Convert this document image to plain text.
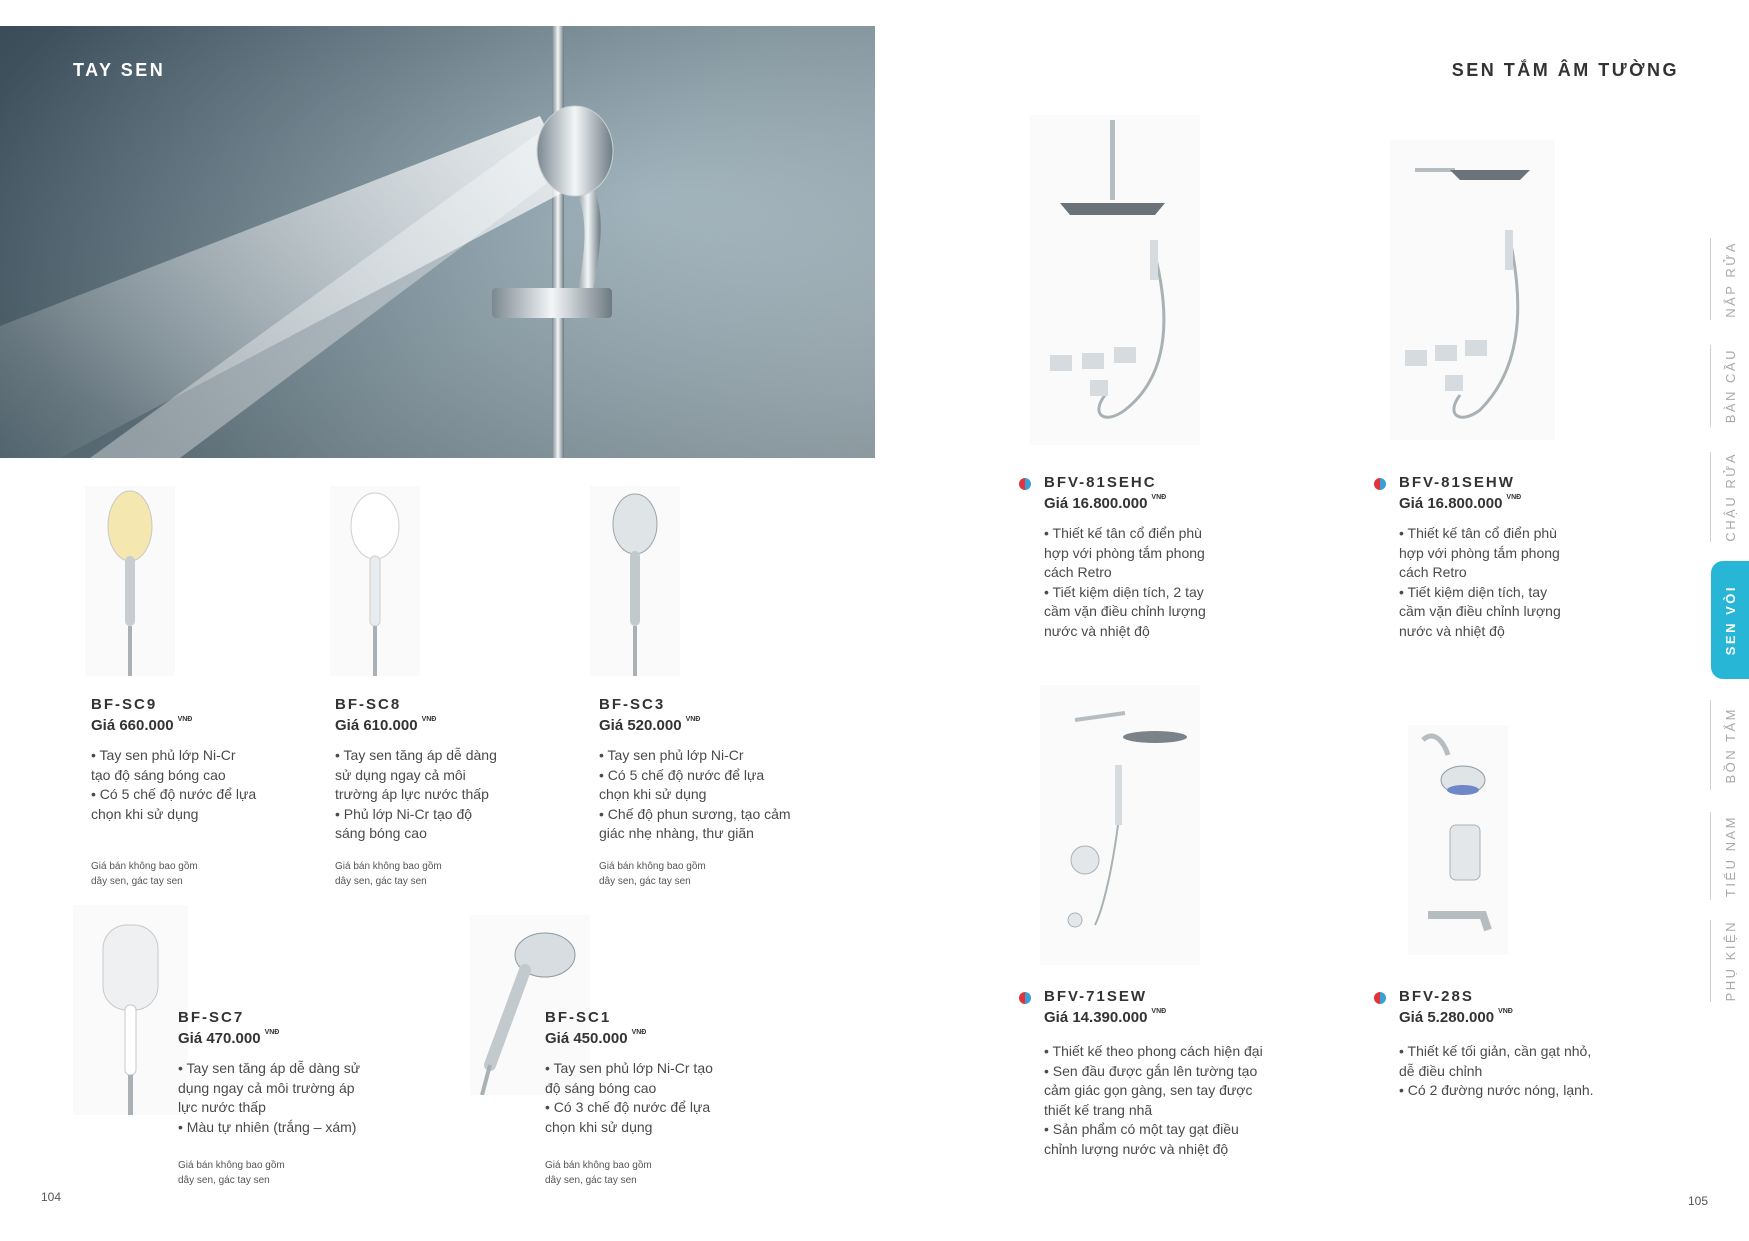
TAY SEN
BF-SC9
Giá 660.000 $^{VNĐ}$
• Tay sen phủ lớp Ni-Cr
tạo độ sáng bóng cao
• Có 5 chế độ nước để lựa
chọn khi sử dụng
Giá bán không bao gồm
dây sen, gác tay sen
BF-SC8
Giá 610.000 $^{VNĐ}$
• Tay sen tăng áp dễ dàng
sử dụng ngay cả môi
trường áp lực nước thấp
• Phủ lớp Ni-Cr tạo độ
sáng bóng cao
Giá bán không bao gồm
dây sen, gác tay sen
BF-SC3
Giá 520.000 $^{VNĐ}$
• Tay sen phủ lớp Ni-Cr
• Có 5 chế độ nước để lựa
chọn khi sử dụng
• Chế độ phun sương, tạo cảm
giác nhẹ nhàng, thư giãn
Giá bán không bao gồm
dây sen, gác tay sen
BF-SC7
Giá 470.000 $^{VNĐ}$
• Tay sen tăng áp dễ dàng sử
dụng ngay cả môi trường áp
lực nước thấp
• Màu tự nhiên (trắng – xám)
Giá bán không bao gồm
dây sen, gác tay sen
BF-SC1
Giá 450.000 $^{VNĐ}$
• Tay sen phủ lớp Ni-Cr tạo
độ sáng bóng cao
• Có 3 chế độ nước để lựa
chọn khi sử dụng
Giá bán không bao gồm
dây sen, gác tay sen
104
SEN TẮM ÂM TƯỜNG
BFV-81SEHC
Giá 16.800.000 $^{VNĐ}$
• Thiết kế tân cổ điển phù
hợp với phòng tắm phong
cách Retro
• Tiết kiệm diện tích, 2 tay
cầm vặn điều chỉnh lượng
nước và nhiệt độ
BFV-81SEHW
Giá 16.800.000 $^{VNĐ}$
• Thiết kế tân cổ điển phù
hợp với phòng tắm phong
cách Retro
• Tiết kiệm diện tích, tay
cầm vặn điều chỉnh lượng
nước và nhiệt độ
BFV-71SEW
Giá 14.390.000 $^{VNĐ}$
• Thiết kế theo phong cách hiện đại
• Sen đầu được gắn lên tường tạo
cảm giác gọn gàng, sen tay được
thiết kế trang nhã
• Sản phẩm có một tay gạt điều
chỉnh lượng nước và nhiệt độ
BFV-28S
Giá 5.280.000 $^{VNĐ}$
• Thiết kế tối giản, cần gạt nhỏ,
dễ điều chỉnh
• Có 2 đường nước nóng, lạnh.
105
NẮP RỬA
BÀN CẦU
CHẬU RỬA
SEN VÒI
BỒN TẮM
TIỂU NAM
PHỤ KIỆN
